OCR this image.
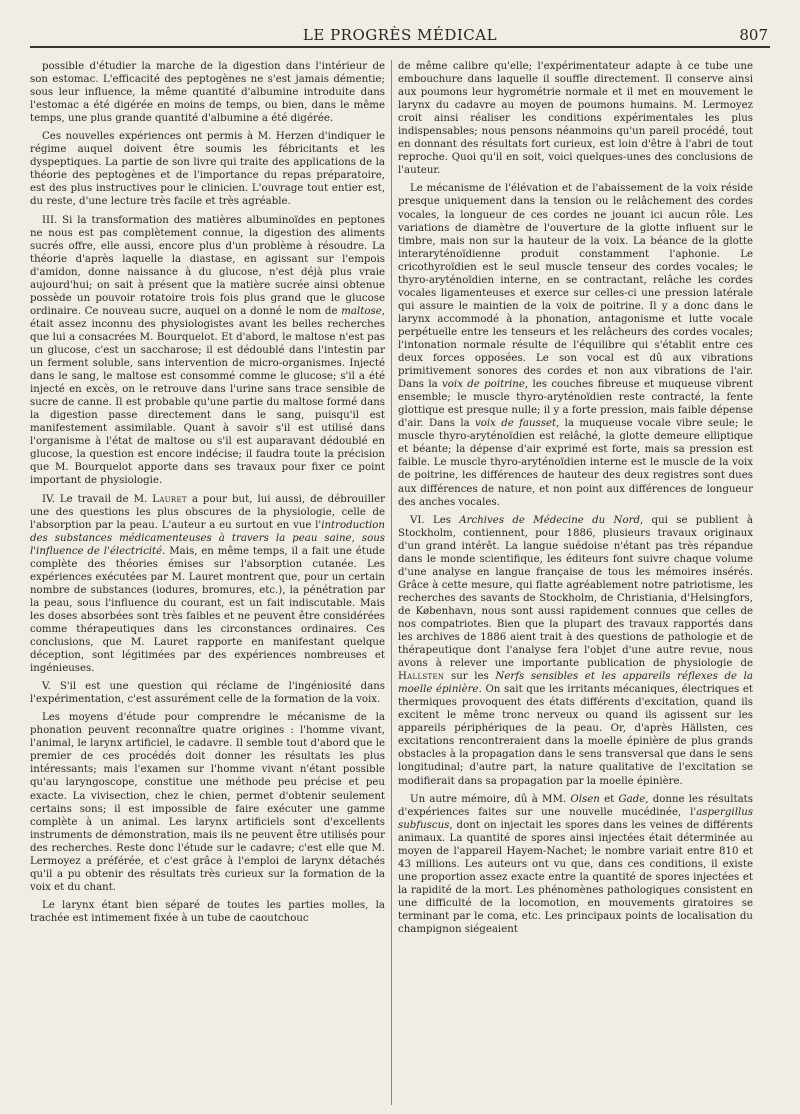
LE PROGRÈS MÉDICAL	807

possible d'étudier la marche de la digestion dans l'intérieur de son estomac. L'efficacité des peptogènes ne s'est jamais démentie; sous leur influence, la même quantité d'albumine introduite dans l'estomac a été digérée en moins de temps, ou bien, dans le même temps, une plus grande quantité d'albumine a été digérée.

Ces nouvelles expériences ont permis à M. Herzen d'indiquer le régime auquel doivent être soumis les fébricitants et les dyspeptiques. La partie de son livre qui traite des applications de la théorie des peptogènes et de l'importance du repas préparatoire, est des plus instructives pour le clinicien. L'ouvrage tout entier est, du reste, d'une lecture très facile et très agréable.

III. Si la transformation des matières albuminoïdes en peptones ne nous est pas complètement connue, la digestion des aliments sucrés offre, elle aussi, encore plus d'un problème à résoudre. La théorie d'après laquelle la diastase, en agissant sur l'empois d'amidon, donne naissance à du glucose, n'est déjà plus vraie aujourd'hui; on sait à présent que la matière sucrée ainsi obtenue possède un pouvoir rotatoire trois fois plus grand que le glucose ordinaire. Ce nouveau sucre, auquel on a donné le nom de maltose, était assez inconnu des physiologistes avant les belles recherches que lui a consacrées M. Bourquelot. Et d'abord, le maltose n'est pas un glucose, c'est un saccharose; il est dédoublé dans l'intestin par un ferment soluble, sans intervention de micro-organismes. Injecté dans le sang, le maltose est consommé comme le glucose; s'il a été injecté en excès, on le retrouve dans l'urine sans trace sensible de sucre de canne. Il est probable qu'une partie du maltose formé dans la digestion passe directement dans le sang, puisqu'il est manifestement assimilable. Quant à savoir s'il est utilisé dans l'organisme à l'état de maltose ou s'il est auparavant dédoublé en glucose, la question est encore indécise; il faudra toute la précision que M. Bourquelot apporte dans ses travaux pour fixer ce point important de physiologie.

IV. Le travail de M. Lauret a pour but, lui aussi, de débrouiller une des questions les plus obscures de la physiologie, celle de l'absorption par la peau. L'auteur a eu surtout en vue l'introduction des substances médicamenteuses à travers la peau saine, sous l'influence de l'électricité. Mais, en même temps, il a fait une étude complète des théories émises sur l'absorption cutanée. Les expériences exécutées par M. Lauret montrent que, pour un certain nombre de substances (iodures, bromures, etc.), la pénétration par la peau, sous l'influence du courant, est un fait indiscutable. Mais les doses absorbées sont très faibles et ne peuvent être considérées comme thérapeutiques dans les circonstances ordinaires. Ces conclusions, que M. Lauret rapporte en manifestant quelque déception, sont légitimées par des expériences nombreuses et ingénieuses.

V. S'il est une question qui réclame de l'ingéniosité dans l'expérimentation, c'est assurément celle de la formation de la voix.

Les moyens d'étude pour comprendre le mécanisme de la phonation peuvent reconnaître quatre origines : l'homme vivant, l'animal, le larynx artificiel, le cadavre. Il semble tout d'abord que le premier de ces procédés doit donner les résultats les plus intéressants; mais l'examen sur l'homme vivant n'étant possible qu'au laryngoscope, constitue une méthode peu précise et peu exacte. La vivisection, chez le chien, permet d'obtenir seulement certains sons; il est impossible de faire exécuter une gamme complète à un animal. Les larynx artificiels sont d'excellents instruments de démonstration, mais ils ne peuvent être utilisés pour des recherches. Reste donc l'étude sur le cadavre; c'est elle que M. Lermoyez a préférée, et c'est grâce à l'emploi de larynx détachés qu'il a pu obtenir des résultats très curieux sur la formation de la voix et du chant.

Le larynx étant bien séparé de toutes les parties molles, la trachée est intimement fixée à un tube de caoutchouc

de même calibre qu'elle; l'expérimentateur adapte à ce tube une embouchure dans laquelle il souffle directement. Il conserve ainsi aux poumons leur hygrométrie normale et il met en mouvement le larynx du cadavre au moyen de poumons humains. M. Lermoyez croit ainsi réaliser les conditions expérimentales les plus indispensables; nous pensons néanmoins qu'un pareil procédé, tout en donnant des résultats fort curieux, est loin d'être à l'abri de tout reproche. Quoi qu'il en soit, voici quelques-unes des conclusions de l'auteur.

Le mécanisme de l'élévation et de l'abaissement de la voix réside presque uniquement dans la tension ou le relâchement des cordes vocales, la longueur de ces cordes ne jouant ici aucun rôle. Les variations de diamètre de l'ouverture de la glotte influent sur le timbre, mais non sur la hauteur de la voix. La béance de la glotte interaryténoïdienne produit constamment l'aphonie. Le cricothyroïdien est le seul muscle tenseur des cordes vocales; le thyro-aryténoïdien interne, en se contractant, relâche les cordes vocales ligamenteuses et exerce sur celles-ci une pression latérale qui assure le maintien de la voix de poitrine. Il y a donc dans le larynx accommodé à la phonation, antagonisme et lutte vocale perpétuelle entre les tenseurs et les relâcheurs des cordes vocales; l'intonation normale résulte de l'équilibre qui s'établit entre ces deux forces opposées. Le son vocal est dû aux vibrations primitivement sonores des cordes et non aux vibrations de l'air. Dans la voix de poitrine, les couches fibreuse et muqueuse vibrent ensemble; le muscle thyro-aryténoïdien reste contracté, la fente glottique est presque nulle; il y a forte pression, mais faible dépense d'air. Dans la voix de fausset, la muqueuse vocale vibre seule; le muscle thyro-aryténoïdien est relâché, la glotte demeure elliptique et béante; la dépense d'air exprimé est forte, mais sa pression est faible. Le muscle thyro-aryténoïdien interne est le muscle de la voix de poitrine, les différences de hauteur des deux registres sont dues aux différences de nature, et non point aux différences de longueur des anches vocales.

VI. Les Archives de Médecine du Nord, qui se publient à Stockholm, contiennent, pour 1886, plusieurs travaux originaux d'un grand intérêt. La langue suédoise n'étant pas très répandue dans le monde scientifique, les éditeurs font suivre chaque volume d'une analyse en langue française de tous les mémoires insérés. Grâce à cette mesure, qui flatte agréablement notre patriotisme, les recherches des savants de Stockholm, de Christiania, d'Helsingfors, de København, nous sont aussi rapidement connues que celles de nos compatriotes. Bien que la plupart des travaux rapportés dans les archives de 1886 aient trait à des questions de pathologie et de thérapeutique dont l'analyse fera l'objet d'une autre revue, nous avons à relever une importante publication de physiologie de Hallsten sur les Nerfs sensibles et les appareils réflexes de la moelle épinière. On sait que les irritants mécaniques, électriques et thermiques provoquent des états différents d'excitation, quand ils excitent le même tronc nerveux ou quand ils agissent sur les appareils périphériques de la peau. Or, d'après Hällsten, ces excitations rencontreraient dans la moelle épinière de plus grands obstacles à la propagation dans le sens transversal que dans le sens longitudinal; d'autre part, la nature qualitative de l'excitation se modifierait dans sa propagation par la moelle épinière.

Un autre mémoire, dû à MM. Olsen et Gade, donne les résultats d'expériences faites sur une nouvelle mucédinée, l'aspergillus subfuscus, dont on injectait les spores dans les veines de différents animaux. La quantité de spores ainsi injectées était déterminée au moyen de l'appareil Hayem-Nachet; le nombre variait entre 810 et 43 millions. Les auteurs ont vu que, dans ces conditions, il existe une proportion assez exacte entre la quantité de spores injectées et la rapidité de la mort. Les phénomènes pathologiques consistent en une difficulté de la locomotion, en mouvements giratoires se terminant par le coma, etc. Les principaux points de localisation du champignon siégeaient
